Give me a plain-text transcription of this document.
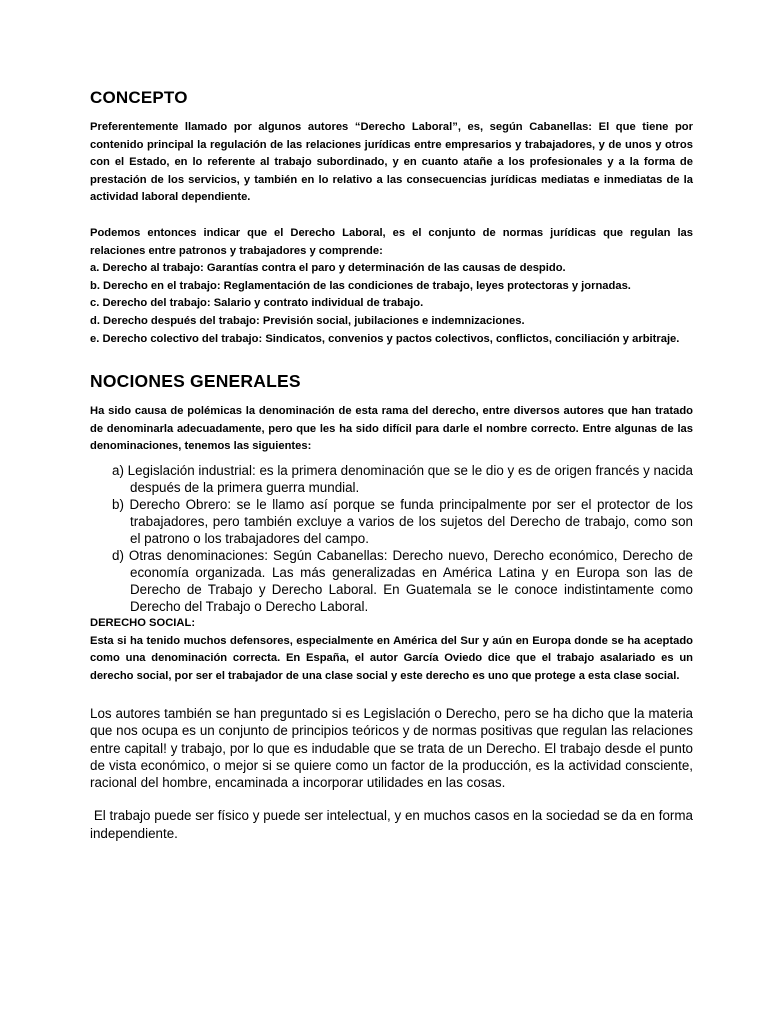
CONCEPTO

Preferentemente llamado por algunos autores “Derecho Laboral”, es, según Cabanellas: El que tiene por contenido principal la regulación de las relaciones jurídicas entre empresarios y trabajadores, y de unos y otros con el Estado, en lo referente al trabajo subordinado, y en cuanto atañe a los profesionales y a la forma de prestación de los servicios, y también en lo relativo a las consecuencias jurídicas mediatas e inmediatas de la actividad laboral dependiente.

Podemos entonces indicar que el Derecho Laboral, es el conjunto de normas jurídicas que regulan las relaciones entre patronos y trabajadores y comprende:

a. Derecho al trabajo: Garantías contra el paro y determinación de las causas de despido.
b. Derecho en el trabajo: Reglamentación de las condiciones de trabajo, leyes protectoras y jornadas.
c. Derecho del trabajo: Salario y contrato individual de trabajo.
d. Derecho después del trabajo: Previsión social, jubilaciones e indemnizaciones.
e. Derecho colectivo del trabajo: Sindicatos, convenios y pactos colectivos, conflictos, conciliación y arbitraje.
NOCIONES GENERALES

Ha sido causa de polémicas la denominación de esta rama del derecho, entre diversos autores que han tratado de denominarla adecuadamente, pero que les ha sido difícil para darle el nombre correcto. Entre algunas de las denominaciones, tenemos las siguientes:

a) Legislación industrial: es la primera denominación que se le dio y es de origen francés y nacida después de la primera guerra mundial.
b) Derecho Obrero: se le llamo así porque se funda principalmente por ser el protector de los trabajadores, pero también excluye a varios de los sujetos del Derecho de trabajo, como son el patrono o los trabajadores del campo.
d) Otras denominaciones: Según Cabanellas: Derecho nuevo, Derecho económico, Derecho de economía organizada. Las más generalizadas en América Latina y en Europa son las de Derecho de Trabajo y Derecho Laboral. En Guatemala se le conoce indistintamente como Derecho del Trabajo o Derecho Laboral.

DERECHO SOCIAL:

Esta si ha tenido muchos defensores, especialmente en América del Sur y aún en Europa donde se ha aceptado como una denominación correcta. En España, el autor García Oviedo dice que el trabajo asalariado es un derecho social, por ser el trabajador de una clase social y este derecho es uno que protege a esta clase social.

Los autores también se han preguntado si es Legislación o Derecho, pero se ha dicho que la materia que nos ocupa es un conjunto de principios teóricos y de normas positivas que regulan las relaciones entre capital! y trabajo, por lo que es indudable que se trata de un Derecho. El trabajo desde el punto de vista económico, o mejor si se quiere como un factor de la producción, es la actividad consciente, racional del hombre, encaminada a incorporar utilidades en las cosas.

El trabajo puede ser físico y puede ser intelectual, y en muchos casos en la sociedad se da en forma independiente.
